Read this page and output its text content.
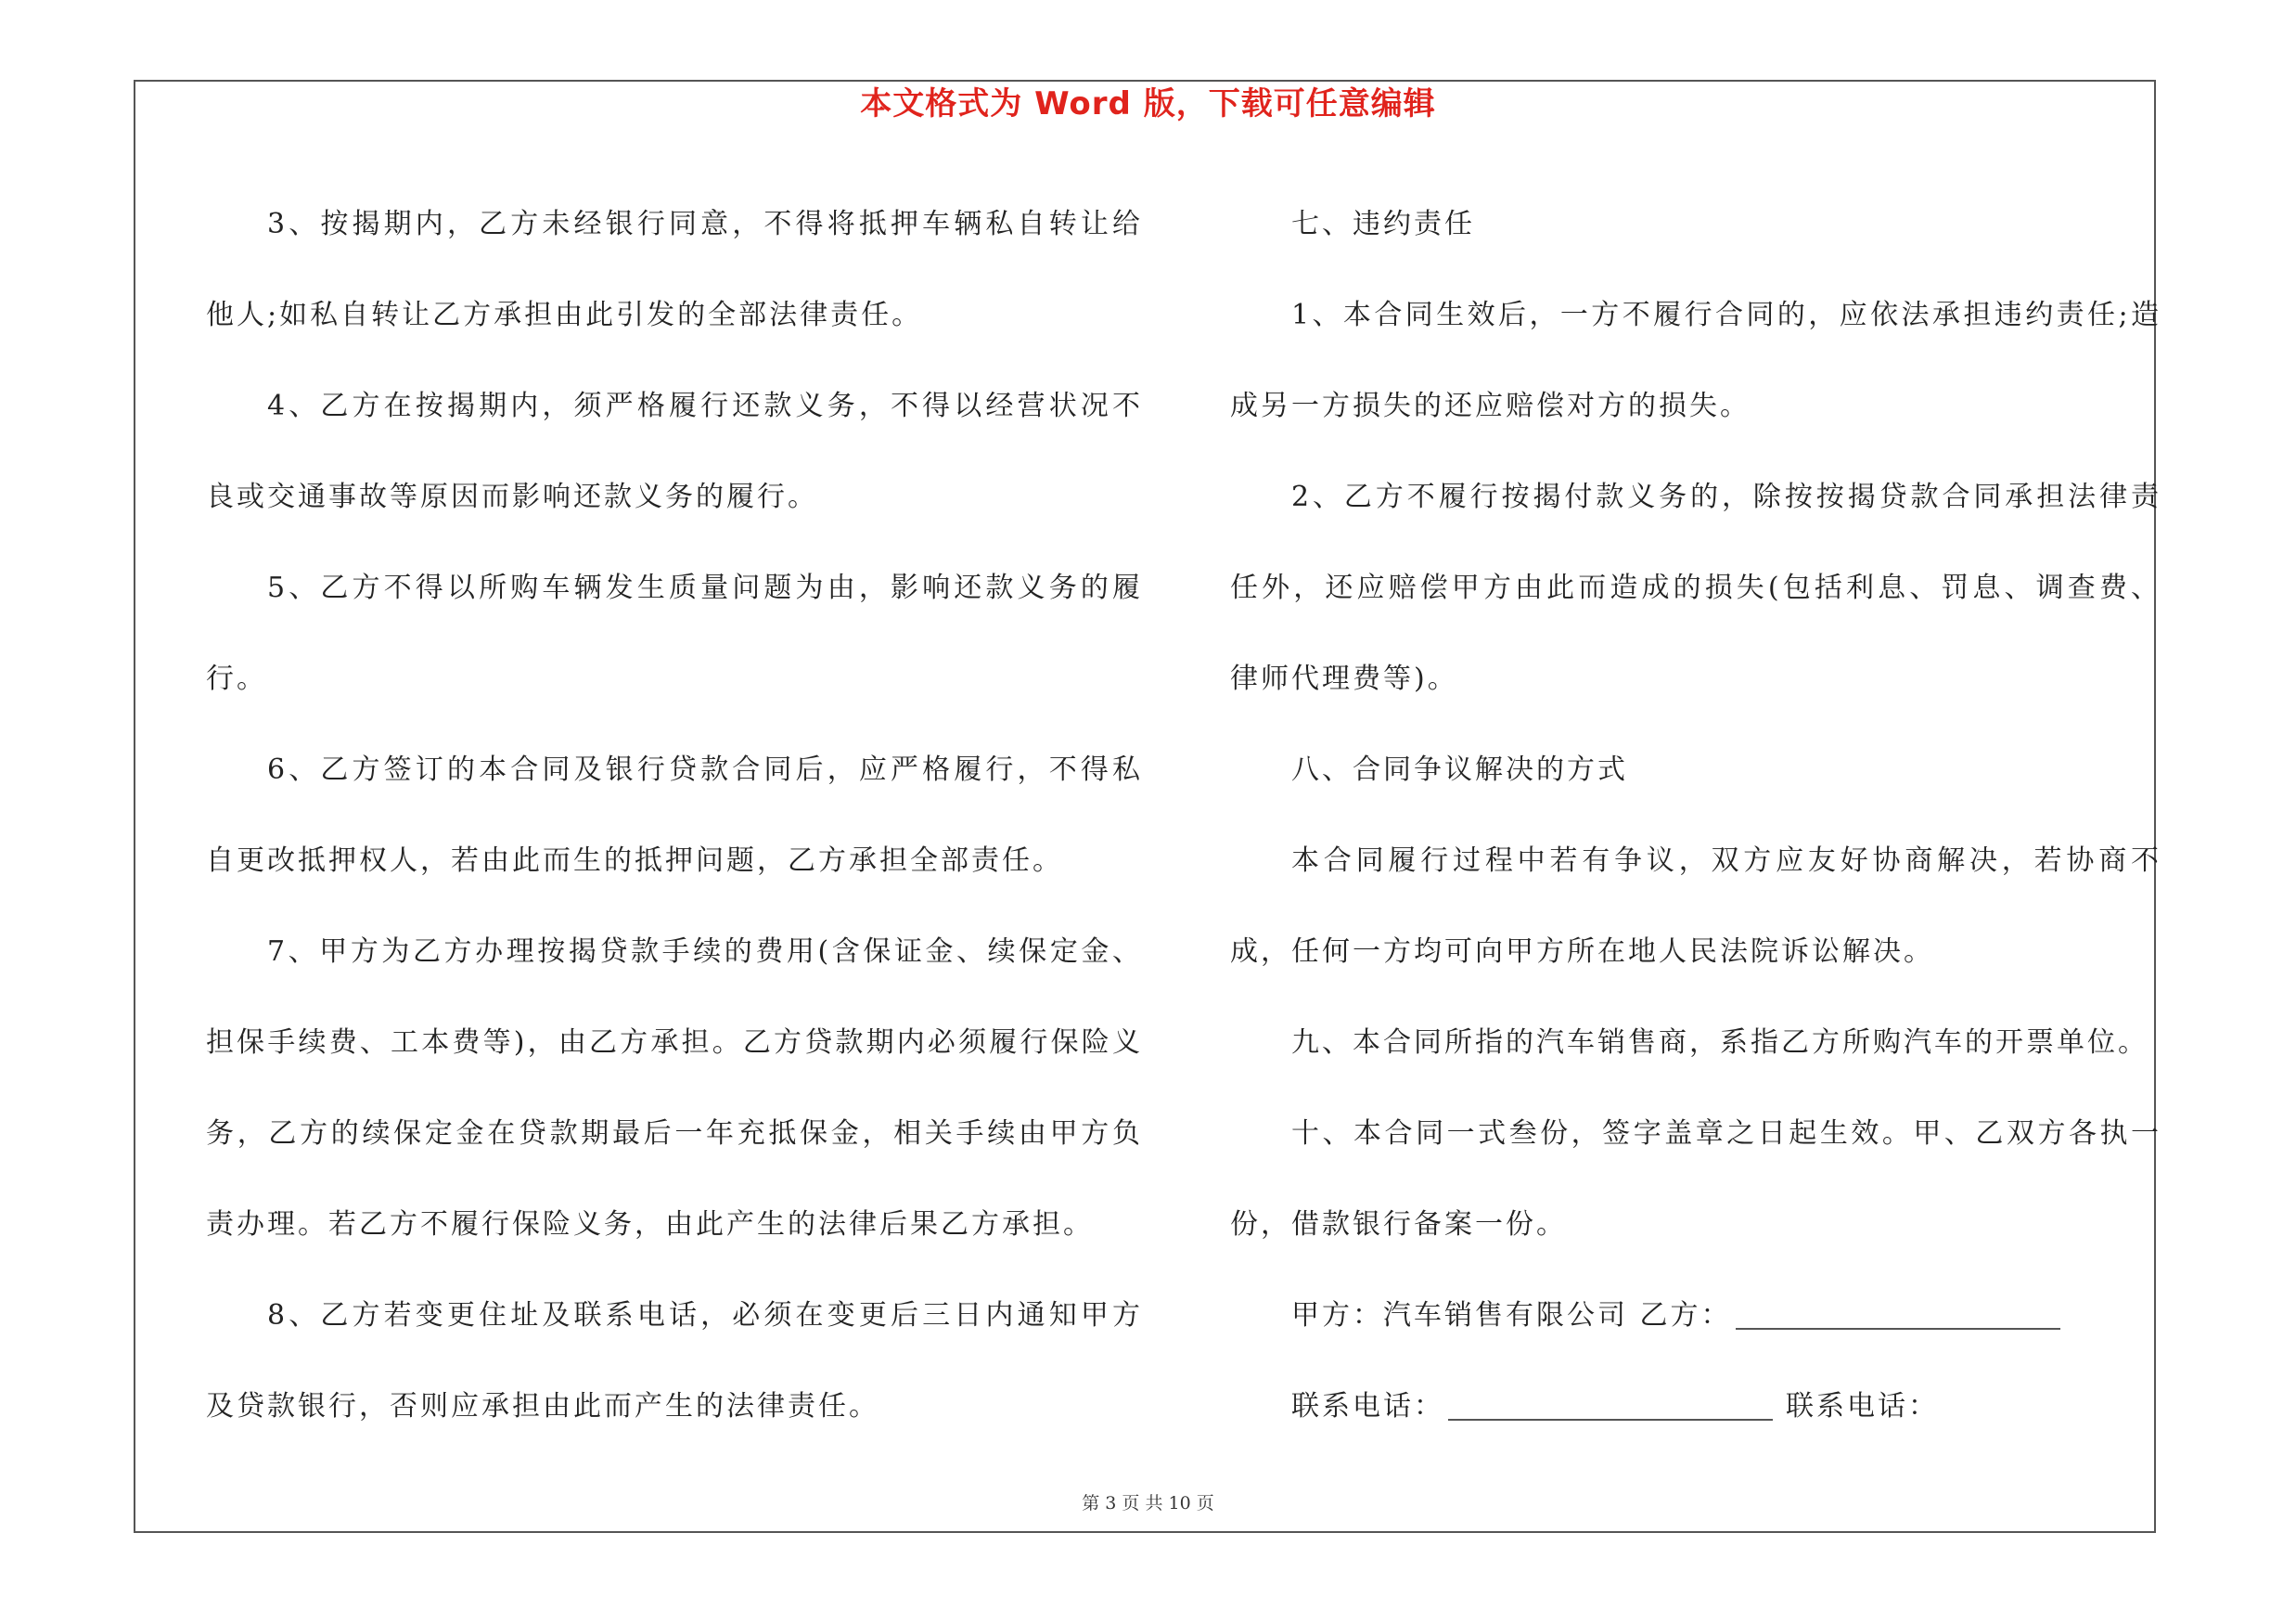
本文格式为 Word 版，下载可任意编辑

3、按揭期内，乙方未经银行同意，不得将抵押车辆私自转让给他人;如私自转让乙方承担由此引发的全部法律责任。

4、乙方在按揭期内，须严格履行还款义务，不得以经营状况不良或交通事故等原因而影响还款义务的履行。

5、乙方不得以所购车辆发生质量问题为由，影响还款义务的履行。

6、乙方签订的本合同及银行贷款合同后，应严格履行，不得私自更改抵押权人，若由此而生的抵押问题，乙方承担全部责任。

7、甲方为乙方办理按揭贷款手续的费用(含保证金、续保定金、担保手续费、工本费等)，由乙方承担。乙方贷款期内必须履行保险义务，乙方的续保定金在贷款期最后一年充抵保金，相关手续由甲方负责办理。若乙方不履行保险义务，由此产生的法律后果乙方承担。

8、乙方若变更住址及联系电话，必须在变更后三日内通知甲方及贷款银行，否则应承担由此而产生的法律责任。

七、违约责任

1、本合同生效后，一方不履行合同的，应依法承担违约责任;造成另一方损失的还应赔偿对方的损失。

2、乙方不履行按揭付款义务的，除按按揭贷款合同承担法律责任外，还应赔偿甲方由此而造成的损失(包括利息、罚息、调查费、律师代理费等)。

八、合同争议解决的方式

本合同履行过程中若有争议，双方应友好协商解决，若协商不成，任何一方均可向甲方所在地人民法院诉讼解决。

九、本合同所指的汽车销售商，系指乙方所购汽车的开票单位。

十、本合同一式叁份，签字盖章之日起生效。甲、乙双方各执一份，借款银行备案一份。

甲方：汽车销售有限公司 乙方：

联系电话：	联系电话：

第 3 页 共 10 页
